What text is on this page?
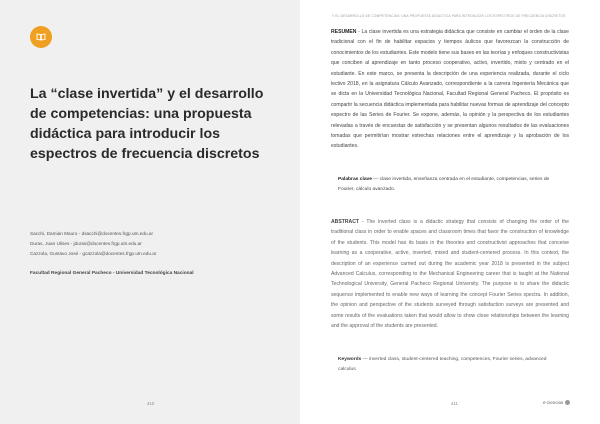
La “clase invertida” y el desarrollo de competencias: una propuesta didáctica para introducir los espectros de frecuencia discretos
Sacchi, Damian Mauro - dsacchi@docentes.frgp.utn.edu.ar
Duras, Juan Ulises - jduras@docentes.frgp.utn.edu.ar
Cazzola, Gustavo José - gcazzola@docentes.frgp.utn.edu.ar
Facultad Regional General Pacheco - Universidad Tecnológica Nacional
410
Y EL DESARROLLO DE COMPETENCIAS: UNA PROPUESTA DIDÁCTICA PARA INTRODUCIR LOS ESPECTROS DE FRECUENCIA DISCRETOS
RESUMEN - La clase invertida es una estrategia didáctica que consiste en cambiar el orden de la clase tradicional con el fin de habilitar espacios y tiempos áulicos que favorezcan la construcción de conocimientos de los estudiantes. Este modelo tiene sus bases en las teorías y enfoques constructivistas que conciben al aprendizaje en tanto proceso cooperativo, activo, invertido, mixto y centrado en el estudiante. En este marco, se presenta la descripción de una experiencia realizada, durante el ciclo lectivo 2018, en la asignatura Cálculo Avanzado, correspondiente a la carrera Ingeniería Mecánica que se dicta en la Universidad Tecnológica Nacional, Facultad Regional General Pacheco. El propósito es compartir la secuencia didáctica implementada para habilitar nuevas formas de aprendizaje del concepto espectro de las Series de Fourier. Se expone, además, la opinión y la perspectiva de los estudiantes relevadas a través de encuestas de satisfacción y se presentan algunos resultados de las evaluaciones tomadas que permitirían mostrar estrechas relaciones entre el aprendizaje y la aprobación de los estudiantes.
Palabras clave — clase invertida, enseñanza centrada en el estudiante, competencias, series de Fourier, cálculo avanzado.
ABSTRACT - The inverted class is a didactic strategy that consists of changing the order of the traditional class in order to enable spaces and classroom times that favor the construction of knowledge of the students. This model has its basis in the theories and constructivist approaches that conceive learning as a cooperative, active, inverted, mixed and student-centered process. In this context, the description of an experience carried out during the academic year 2018 is presented in the subject Advanced Calculus, corresponding to the Mechanical Engineering career that is taught at the National Technological University, General Pacheco Regional University. The purpose is to share the didactic sequence implemented to enable new ways of learning the concept Fourier Series spectra. In addition, the opinion and perspective of the students surveyed through satisfaction surveys are presented and some results of the evaluations taken that would allow to show close relationships between the learning and the approval of the students are presented.
Keywords — inverted class, student-centered teaching, competences, Fourier series, advanced calculus.
411	e-ciencias
